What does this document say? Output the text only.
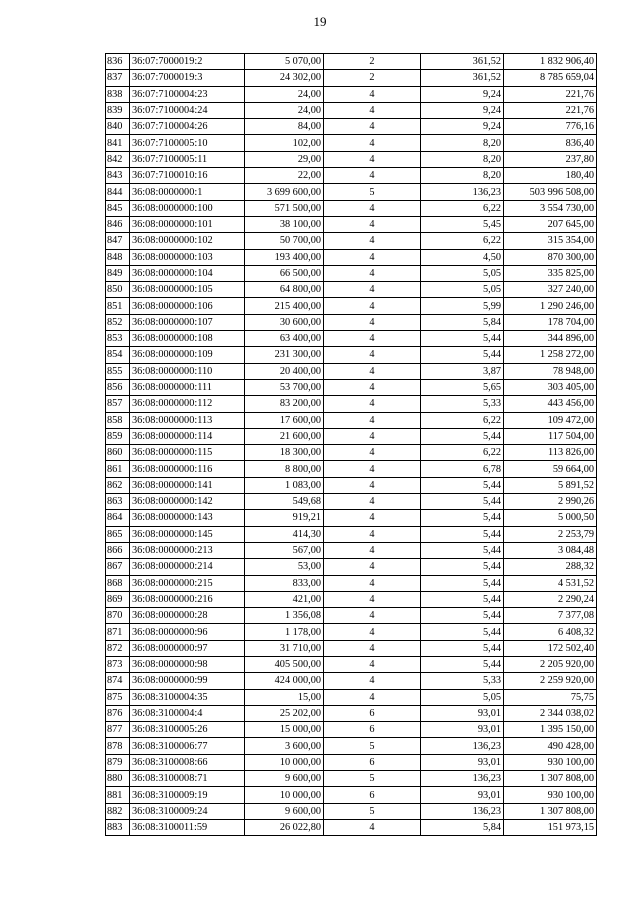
19
836	36:07:7000019:2	5 070,00	2	361,52	1 832 906,40
837	36:07:7000019:3	24 302,00	2	361,52	8 785 659,04
838	36:07:7100004:23	24,00	4	9,24	221,76
839	36:07:7100004:24	24,00	4	9,24	221,76
840	36:07:7100004:26	84,00	4	9,24	776,16
841	36:07:7100005:10	102,00	4	8,20	836,40
842	36:07:7100005:11	29,00	4	8,20	237,80
843	36:07:7100010:16	22,00	4	8,20	180,40
844	36:08:0000000:1	3 699 600,00	5	136,23	503 996 508,00
845	36:08:0000000:100	571 500,00	4	6,22	3 554 730,00
846	36:08:0000000:101	38 100,00	4	5,45	207 645,00
847	36:08:0000000:102	50 700,00	4	6,22	315 354,00
848	36:08:0000000:103	193 400,00	4	4,50	870 300,00
849	36:08:0000000:104	66 500,00	4	5,05	335 825,00
850	36:08:0000000:105	64 800,00	4	5,05	327 240,00
851	36:08:0000000:106	215 400,00	4	5,99	1 290 246,00
852	36:08:0000000:107	30 600,00	4	5,84	178 704,00
853	36:08:0000000:108	63 400,00	4	5,44	344 896,00
854	36:08:0000000:109	231 300,00	4	5,44	1 258 272,00
855	36:08:0000000:110	20 400,00	4	3,87	78 948,00
856	36:08:0000000:111	53 700,00	4	5,65	303 405,00
857	36:08:0000000:112	83 200,00	4	5,33	443 456,00
858	36:08:0000000:113	17 600,00	4	6,22	109 472,00
859	36:08:0000000:114	21 600,00	4	5,44	117 504,00
860	36:08:0000000:115	18 300,00	4	6,22	113 826,00
861	36:08:0000000:116	8 800,00	4	6,78	59 664,00
862	36:08:0000000:141	1 083,00	4	5,44	5 891,52
863	36:08:0000000:142	549,68	4	5,44	2 990,26
864	36:08:0000000:143	919,21	4	5,44	5 000,50
865	36:08:0000000:145	414,30	4	5,44	2 253,79
866	36:08:0000000:213	567,00	4	5,44	3 084,48
867	36:08:0000000:214	53,00	4	5,44	288,32
868	36:08:0000000:215	833,00	4	5,44	4 531,52
869	36:08:0000000:216	421,00	4	5,44	2 290,24
870	36:08:0000000:28	1 356,08	4	5,44	7 377,08
871	36:08:0000000:96	1 178,00	4	5,44	6 408,32
872	36:08:0000000:97	31 710,00	4	5,44	172 502,40
873	36:08:0000000:98	405 500,00	4	5,44	2 205 920,00
874	36:08:0000000:99	424 000,00	4	5,33	2 259 920,00
875	36:08:3100004:35	15,00	4	5,05	75,75
876	36:08:3100004:4	25 202,00	6	93,01	2 344 038,02
877	36:08:3100005:26	15 000,00	6	93,01	1 395 150,00
878	36:08:3100006:77	3 600,00	5	136,23	490 428,00
879	36:08:3100008:66	10 000,00	6	93,01	930 100,00
880	36:08:3100008:71	9 600,00	5	136,23	1 307 808,00
881	36:08:3100009:19	10 000,00	6	93,01	930 100,00
882	36:08:3100009:24	9 600,00	5	136,23	1 307 808,00
883	36:08:3100011:59	26 022,80	4	5,84	151 973,15
